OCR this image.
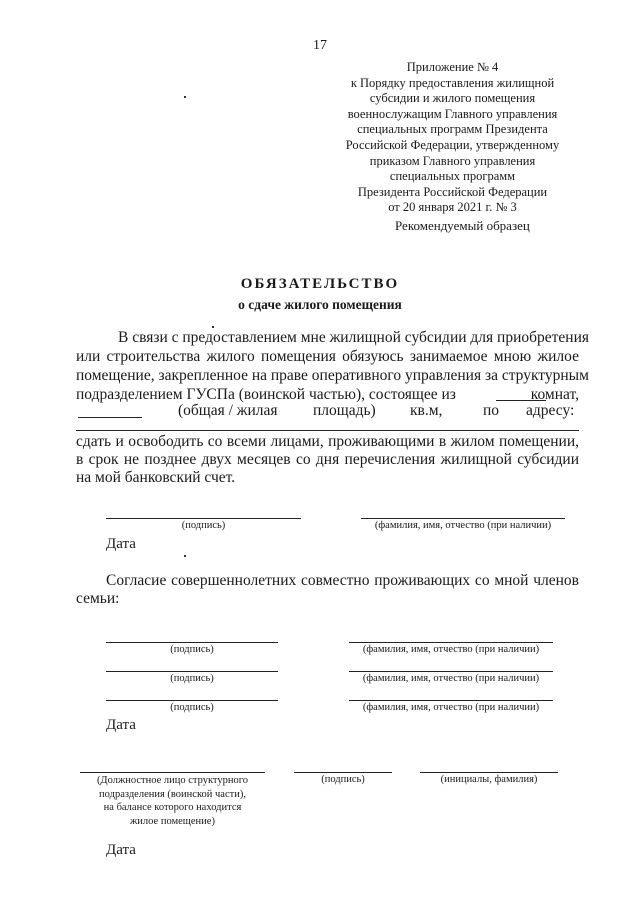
17
Приложение № 4
к Порядку предоставления жилищной
субсидии и жилого помещения
военнослужащим Главного управления
специальных программ Президента
Российской Федерации, утвержденному
приказом Главного управления
специальных программ
Президента Российской Федерации
от 20 января 2021 г. № 3
Рекомендуемый образец
ОБЯЗАТЕЛЬСТВО
о сдаче жилого помещения
В связи с предоставлением мне жилищной субсидии для приобретения
или строительства жилого помещения обязуюсь занимаемое мною жилое
помещение, закрепленное на праве оперативного управления за структурным
подразделением ГУСПа (воинской частью), состоящее из	комнат,
(общая / жилая площадь) кв.м,	по адресу:
сдать и освободить со всеми лицами, проживающими в жилом помещении,
в срок не позднее двух месяцев со дня перечисления жилищной субсидии
на мой банковский счет.
(подпись)	(фамилия, имя, отчество (при наличии)
Дата
Согласие совершеннолетних совместно проживающих со мной членов
семьи:
(подпись)	(фамилия, имя, отчество (при наличии)
(подпись)	(фамилия, имя, отчество (при наличии)
(подпись)	(фамилия, имя, отчество (при наличии)
Дата
(Должностное лицо структурного
подразделения (воинской части),
на балансе которого находится
жилое помещение)
(подпись)	(инициалы, фамилия)
Дата
